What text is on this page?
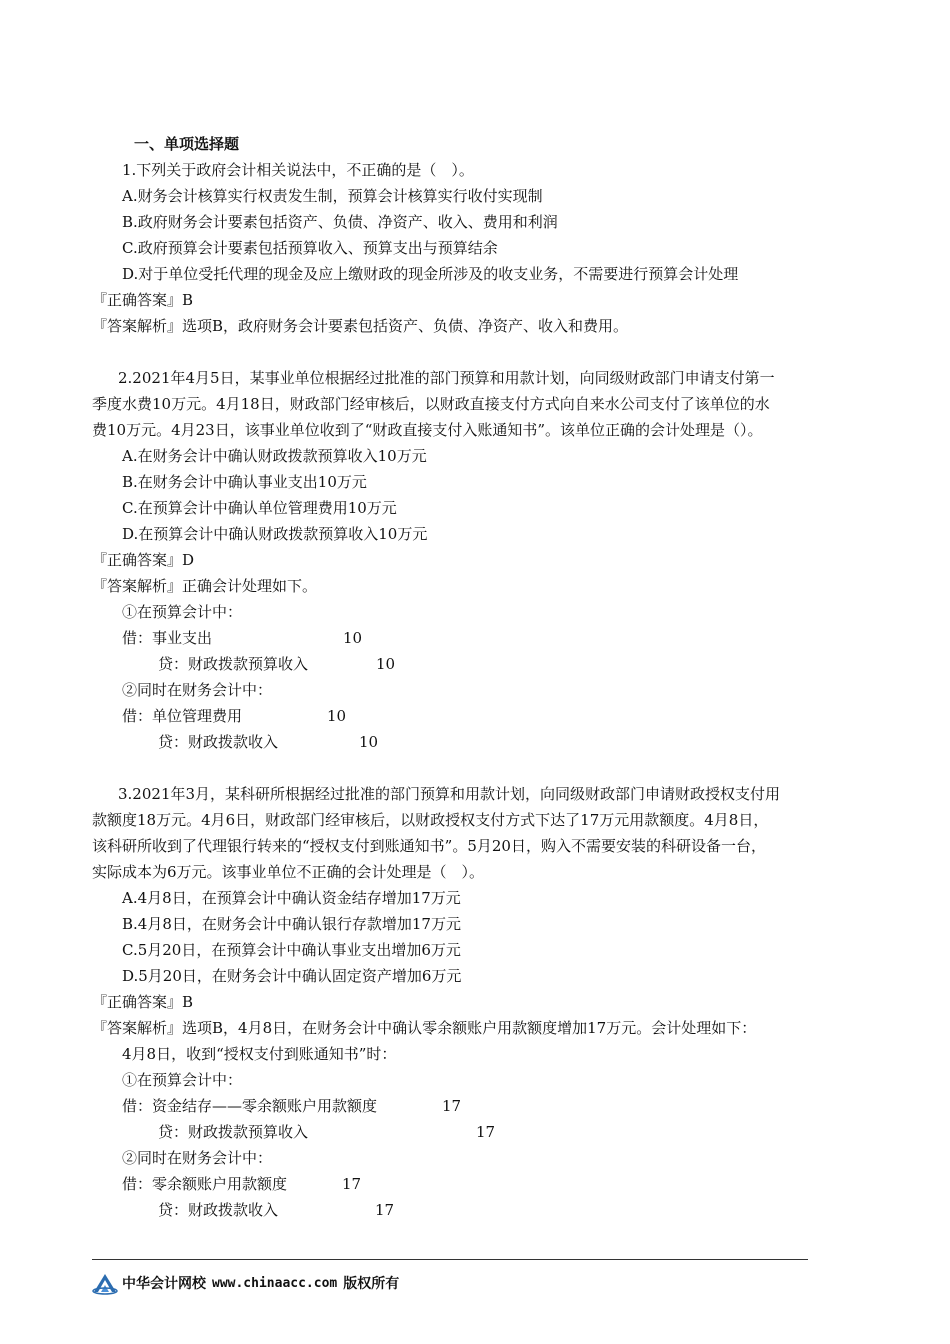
一、单项选择题
1.下列关于政府会计相关说法中，不正确的是（　）。
A.财务会计核算实行权责发生制，预算会计核算实行收付实现制
B.政府财务会计要素包括资产、负债、净资产、收入、费用和利润
C.政府预算会计要素包括预算收入、预算支出与预算结余
D.对于单位受托代理的现金及应上缴财政的现金所涉及的收支业务，不需要进行预算会计处理
『正确答案』B
『答案解析』选项B，政府财务会计要素包括资产、负债、净资产、收入和费用。
2.2021年4月5日，某事业单位根据经过批准的部门预算和用款计划，向同级财政部门申请支付第一
季度水费10万元。4月18日，财政部门经审核后，以财政直接支付方式向自来水公司支付了该单位的水
费10万元。4月23日，该事业单位收到了“财政直接支付入账通知书”。该单位正确的会计处理是（）。
A.在财务会计中确认财政拨款预算收入10万元
B.在财务会计中确认事业支出10万元
C.在预算会计中确认单位管理费用10万元
D.在预算会计中确认财政拨款预算收入10万元
『正确答案』D
『答案解析』正确会计处理如下。
①在预算会计中：
借：事业支出	10
贷：财政拨款预算收入	10
②同时在财务会计中：
借：单位管理费用	10
贷：财政拨款收入	10
3.2021年3月，某科研所根据经过批准的部门预算和用款计划，向同级财政部门申请财政授权支付用
款额度18万元。4月6日，财政部门经审核后，以财政授权支付方式下达了17万元用款额度。4月8日，
该科研所收到了代理银行转来的“授权支付到账通知书”。5月20日，购入不需要安装的科研设备一台，
实际成本为6万元。该事业单位不正确的会计处理是（　）。
A.4月8日，在预算会计中确认资金结存增加17万元
B.4月8日，在财务会计中确认银行存款增加17万元
C.5月20日，在预算会计中确认事业支出增加6万元
D.5月20日，在财务会计中确认固定资产增加6万元
『正确答案』B
『答案解析』选项B，4月8日，在财务会计中确认零余额账户用款额度增加17万元。会计处理如下：
4月8日，收到“授权支付到账通知书”时：
①在预算会计中：
借：资金结存——零余额账户用款额度	17
贷：财政拨款预算收入	17
②同时在财务会计中：
借：零余额账户用款额度	17
贷：财政拨款收入	17
中华会计网校 www.chinaacc.com 版权所有
